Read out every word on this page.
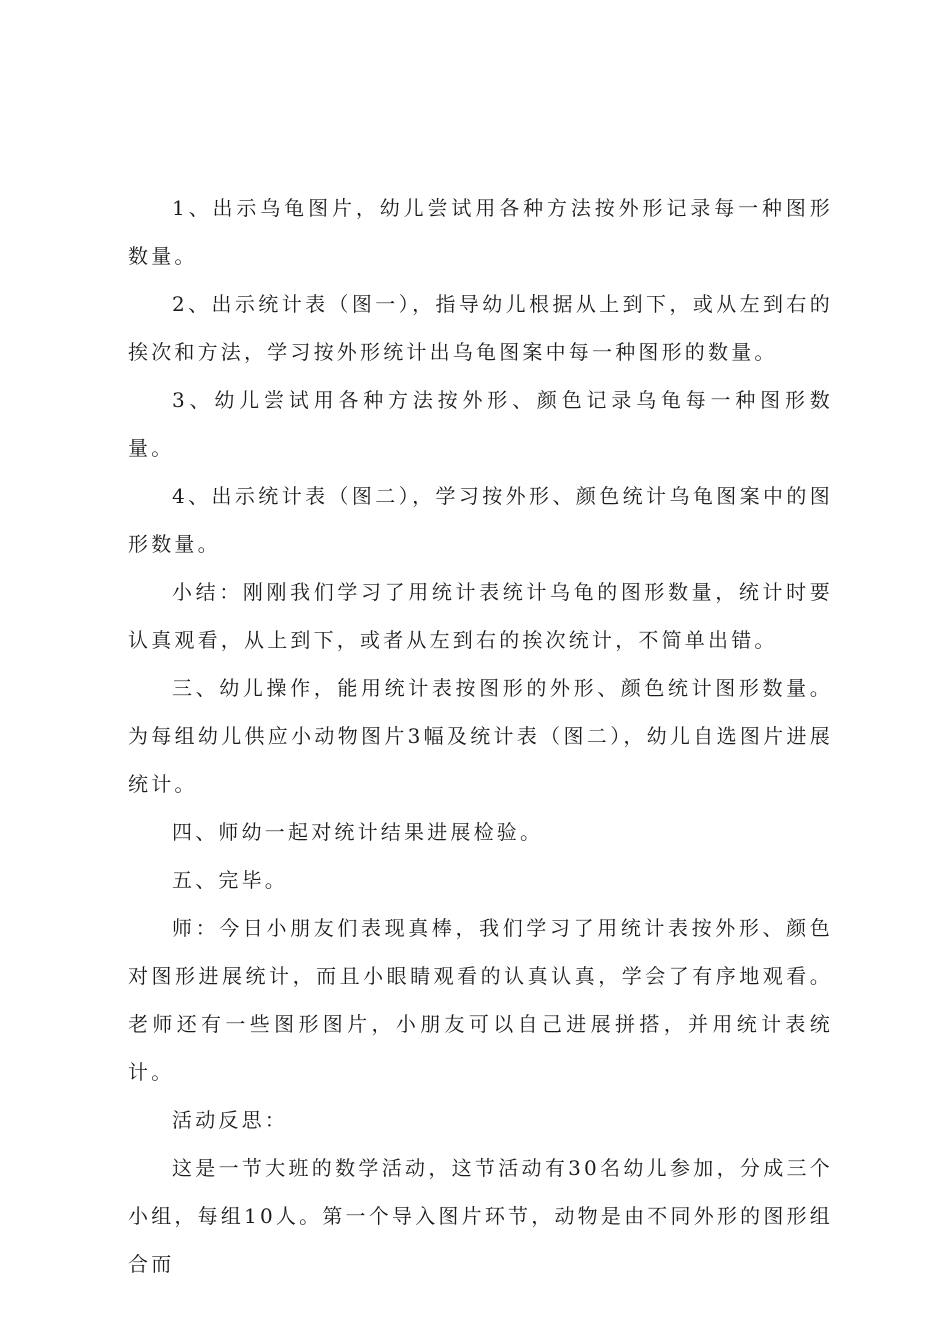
1、出示乌龟图片，幼儿尝试用各种方法按外形记录每一种图形数量。

2、出示统计表（图一），指导幼儿根据从上到下，或从左到右的挨次和方法，学习按外形统计出乌龟图案中每一种图形的数量。

3、幼儿尝试用各种方法按外形、颜色记录乌龟每一种图形数量。

4、出示统计表（图二），学习按外形、颜色统计乌龟图案中的图形数量。

小结：刚刚我们学习了用统计表统计乌龟的图形数量，统计时要认真观看，从上到下，或者从左到右的挨次统计，不简单出错。

三、幼儿操作，能用统计表按图形的外形、颜色统计图形数量。为每组幼儿供应小动物图片3幅及统计表（图二），幼儿自选图片进展统计。

四、师幼一起对统计结果进展检验。

五、完毕。

师：今日小朋友们表现真棒，我们学习了用统计表按外形、颜色对图形进展统计，而且小眼睛观看的认真认真，学会了有序地观看。老师还有一些图形图片，小朋友可以自己进展拼搭，并用统计表统计。

活动反思：

这是一节大班的数学活动，这节活动有30名幼儿参加，分成三个小组，每组10人。第一个导入图片环节，动物是由不同外形的图形组合而
